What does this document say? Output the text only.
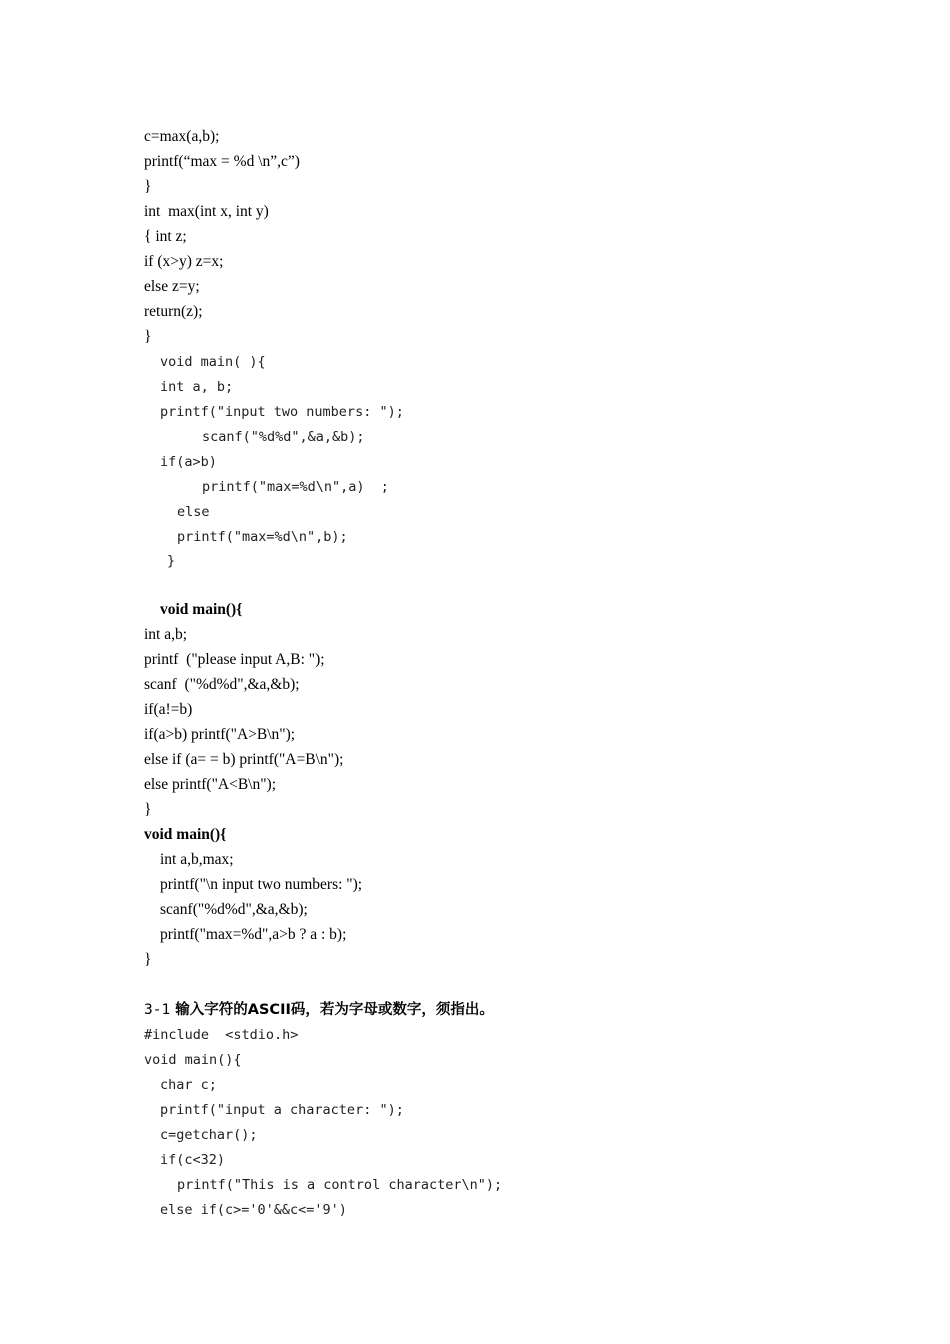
c=max(a,b);
printf(“max = %d \n”,c”)
}
int  max(int x, int y)
{ int z;
if (x>y) z=x;
else z=y;
return(z);
}
void main( ){
int a, b;
printf("input two numbers: ");
scanf("%d%d",&a,&b);
if(a>b)
printf("max=%d\n",a)  ;
else
printf("max=%d\n",b);
}
void main(){
int a,b;
printf  ("please input A,B: ");
scanf  ("%d%d",&a,&b);
if(a!=b)
if(a>b) printf("A>B\n");
else if (a= = b) printf("A=B\n");
else printf("A<B\n");
}
void main(){
int a,b,max;
printf("\n input two numbers: ");
scanf("%d%d",&a,&b);
printf("max=%d",a>b ? a : b);
}
3-1 输入字符的ASCII码，若为字母或数字，须指出。
#include  <stdio.h>
void main(){
char c;
printf("input a character: ");
c=getchar();
if(c<32)
printf("This is a control character\n");
else if(c>='0'&&c<='9')
